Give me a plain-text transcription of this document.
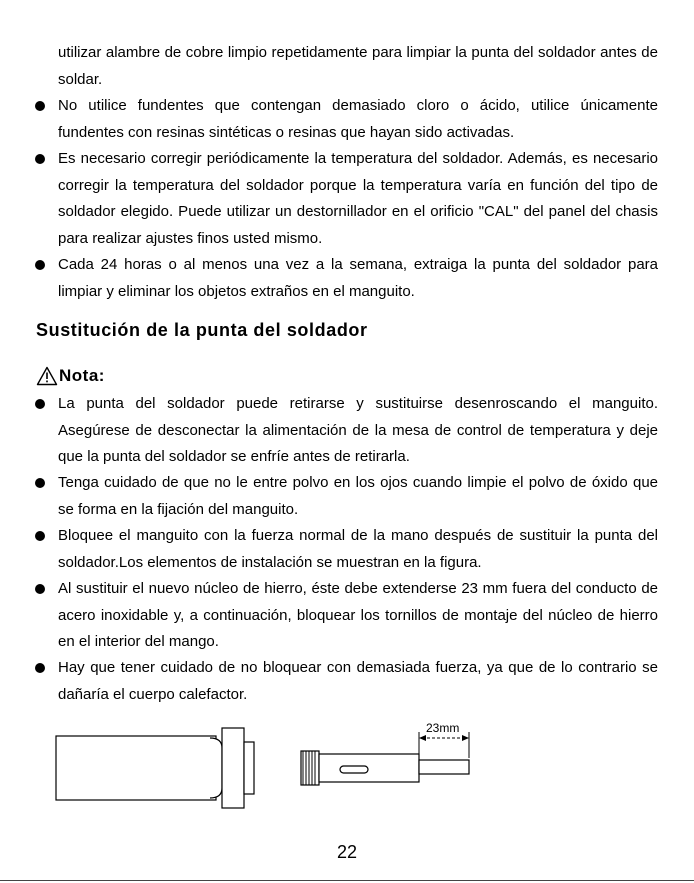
utilizar alambre de cobre limpio repetidamente para limpiar la punta del soldador antes de soldar.

No utilice fundentes que contengan demasiado cloro o ácido, utilice únicamente fundentes con resinas sintéticas o resinas que hayan sido activadas.
Es necesario corregir periódicamente la temperatura del soldador. Además, es necesario corregir la temperatura del soldador porque la temperatura varía en función del tipo de soldador elegido. Puede utilizar un destornillador en el orificio "CAL" del panel del chasis para realizar ajustes finos usted mismo.
Cada 24 horas o al menos una vez a la semana, extraiga la punta del soldador para limpiar y eliminar los objetos extraños en el manguito.
Sustitución de la punta del soldador
Nota:
La punta del soldador puede retirarse y sustituirse desenroscando el manguito. Asegúrese de desconectar la alimentación de la mesa de control de temperatura y deje que la punta del soldador se enfríe antes de retirarla.
Tenga cuidado de que no le entre polvo en los ojos cuando limpie el polvo de óxido que se forma en la fijación del manguito.
Bloquee el manguito con la fuerza normal de la mano después de sustituir la punta del soldador.Los elementos de instalación se muestran en la figura.
Al sustituir el nuevo núcleo de hierro, éste debe extenderse 23 mm fuera del conducto de acero inoxidable y, a continuación, bloquear los tornillos de montaje del núcleo de hierro en el interior del mango.
Hay que tener cuidado de no bloquear con demasiada fuerza, ya que de lo contrario se dañaría el cuerpo calefactor.
23mm
22
